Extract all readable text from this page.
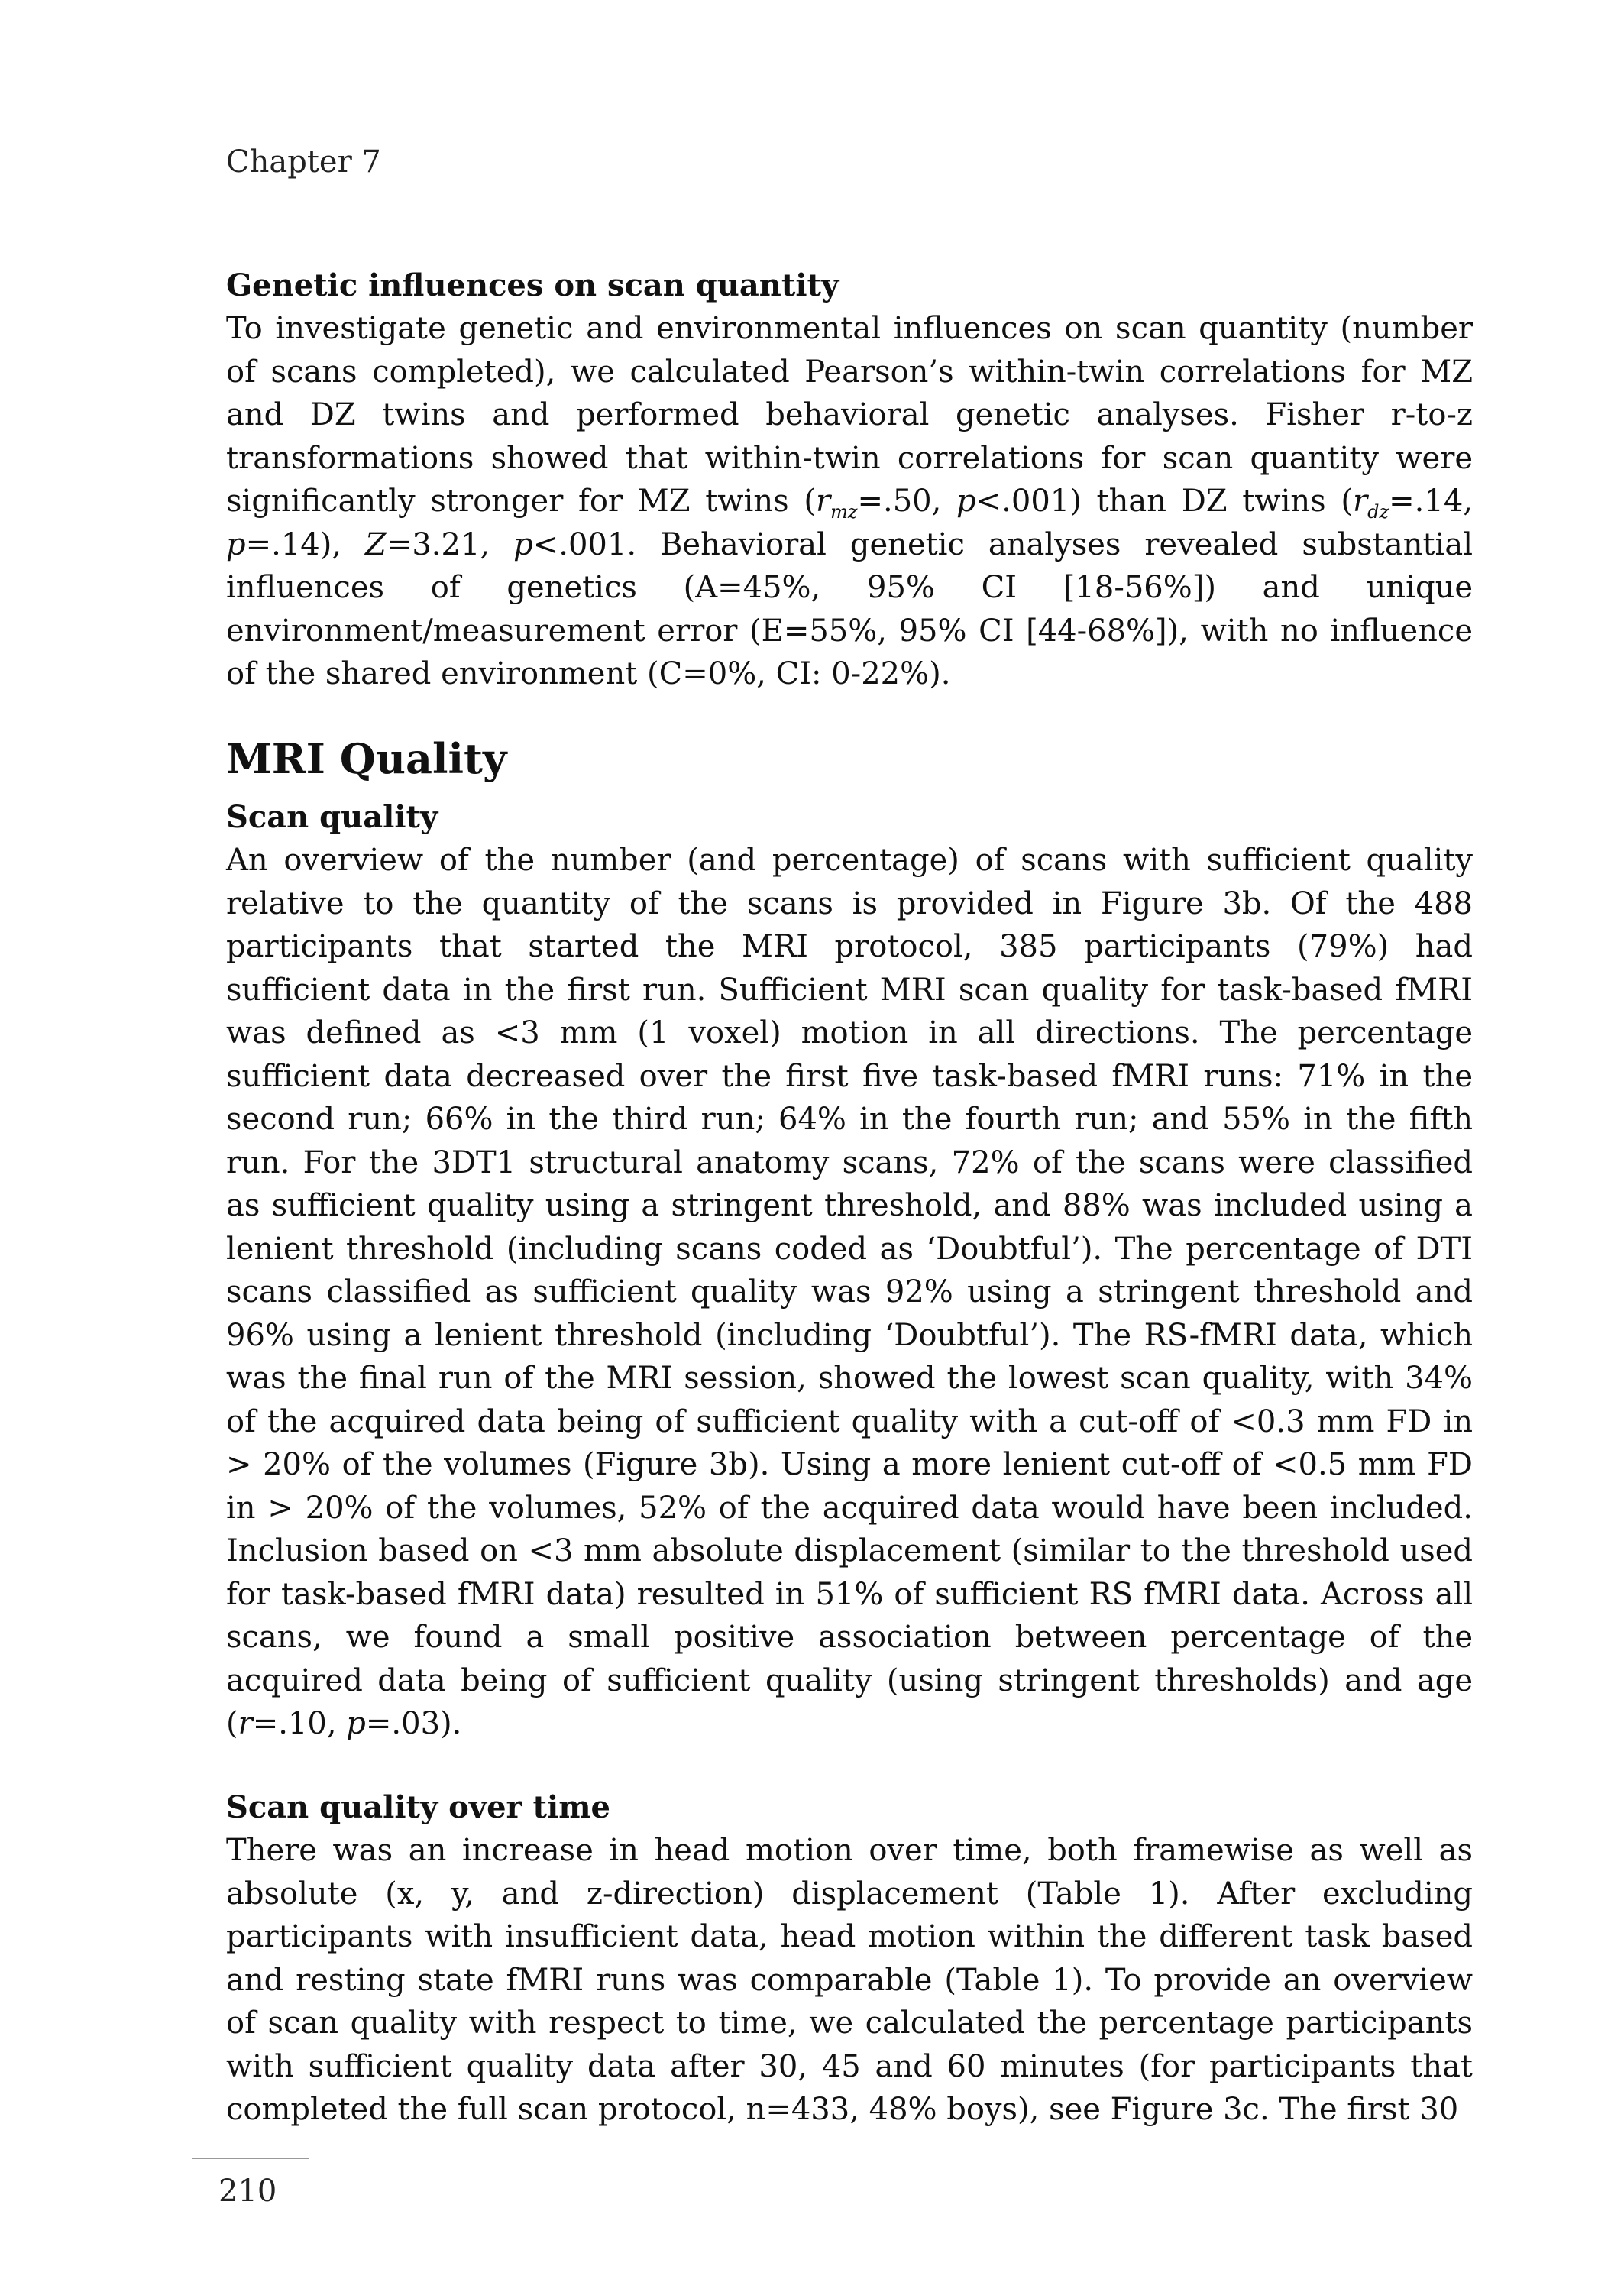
Chapter 7
Genetic influences on scan quantity

To investigate genetic and environmental influences on scan quantity (number of scans completed), we calculated Pearson’s within-twin correlations for MZ and DZ twins and performed behavioral genetic analyses. Fisher r-to-z transformations showed that within-twin correlations for scan quantity were significantly stronger for MZ twins ($r_{mz}=.50$, p<.001) than DZ twins ($r_{dz}=.14$, p=.14), Z=3.21, p<.001. Behavioral genetic analyses revealed substantial influences of genetics (A=45%, 95% CI [18-56%]) and unique environment/measurement error (E=55%, 95% CI [44-68%]), with no influence of the shared environment (C=0%, CI: 0-22%).

MRI Quality
Scan quality

An overview of the number (and percentage) of scans with sufficient quality relative to the quantity of the scans is provided in Figure 3b. Of the 488 participants that started the MRI protocol, 385 participants (79%) had sufficient data in the first run. Sufficient MRI scan quality for task-based fMRI was defined as <3 mm (1 voxel) motion in all directions. The percentage sufficient data decreased over the first five task-based fMRI runs: 71% in the second run; 66% in the third run; 64% in the fourth run; and 55% in the fifth run. For the 3DT1 structural anatomy scans, 72% of the scans were classified as sufficient quality using a stringent threshold, and 88% was included using a lenient threshold (including scans coded as ‘Doubtful’). The percentage of DTI scans classified as sufficient quality was 92% using a stringent threshold and 96% using a lenient threshold (including ‘Doubtful’). The RS-fMRI data, which was the final run of the MRI session, showed the lowest scan quality, with 34% of the acquired data being of sufficient quality with a cut-off of <0.3 mm FD in > 20% of the volumes (Figure 3b). Using a more lenient cut-off of <0.5 mm FD in > 20% of the volumes, 52% of the acquired data would have been included. Inclusion based on <3 mm absolute displacement (similar to the threshold used for task-based fMRI data) resulted in 51% of sufficient RS fMRI data. Across all scans, we found a small positive association between percentage of the acquired data being of sufficient quality (using stringent thresholds) and age (r=.10, p=.03).

Scan quality over time

There was an increase in head motion over time, both framewise as well as absolute (x, y, and z-direction) displacement (Table 1). After excluding participants with insufficient data, head motion within the different task based and resting state fMRI runs was comparable (Table 1). To provide an overview of scan quality with respect to time, we calculated the percentage participants with sufficient quality data after 30, 45 and 60 minutes (for participants that completed the full scan protocol, n=433, 48% boys), see Figure 3c. The first 30

210
